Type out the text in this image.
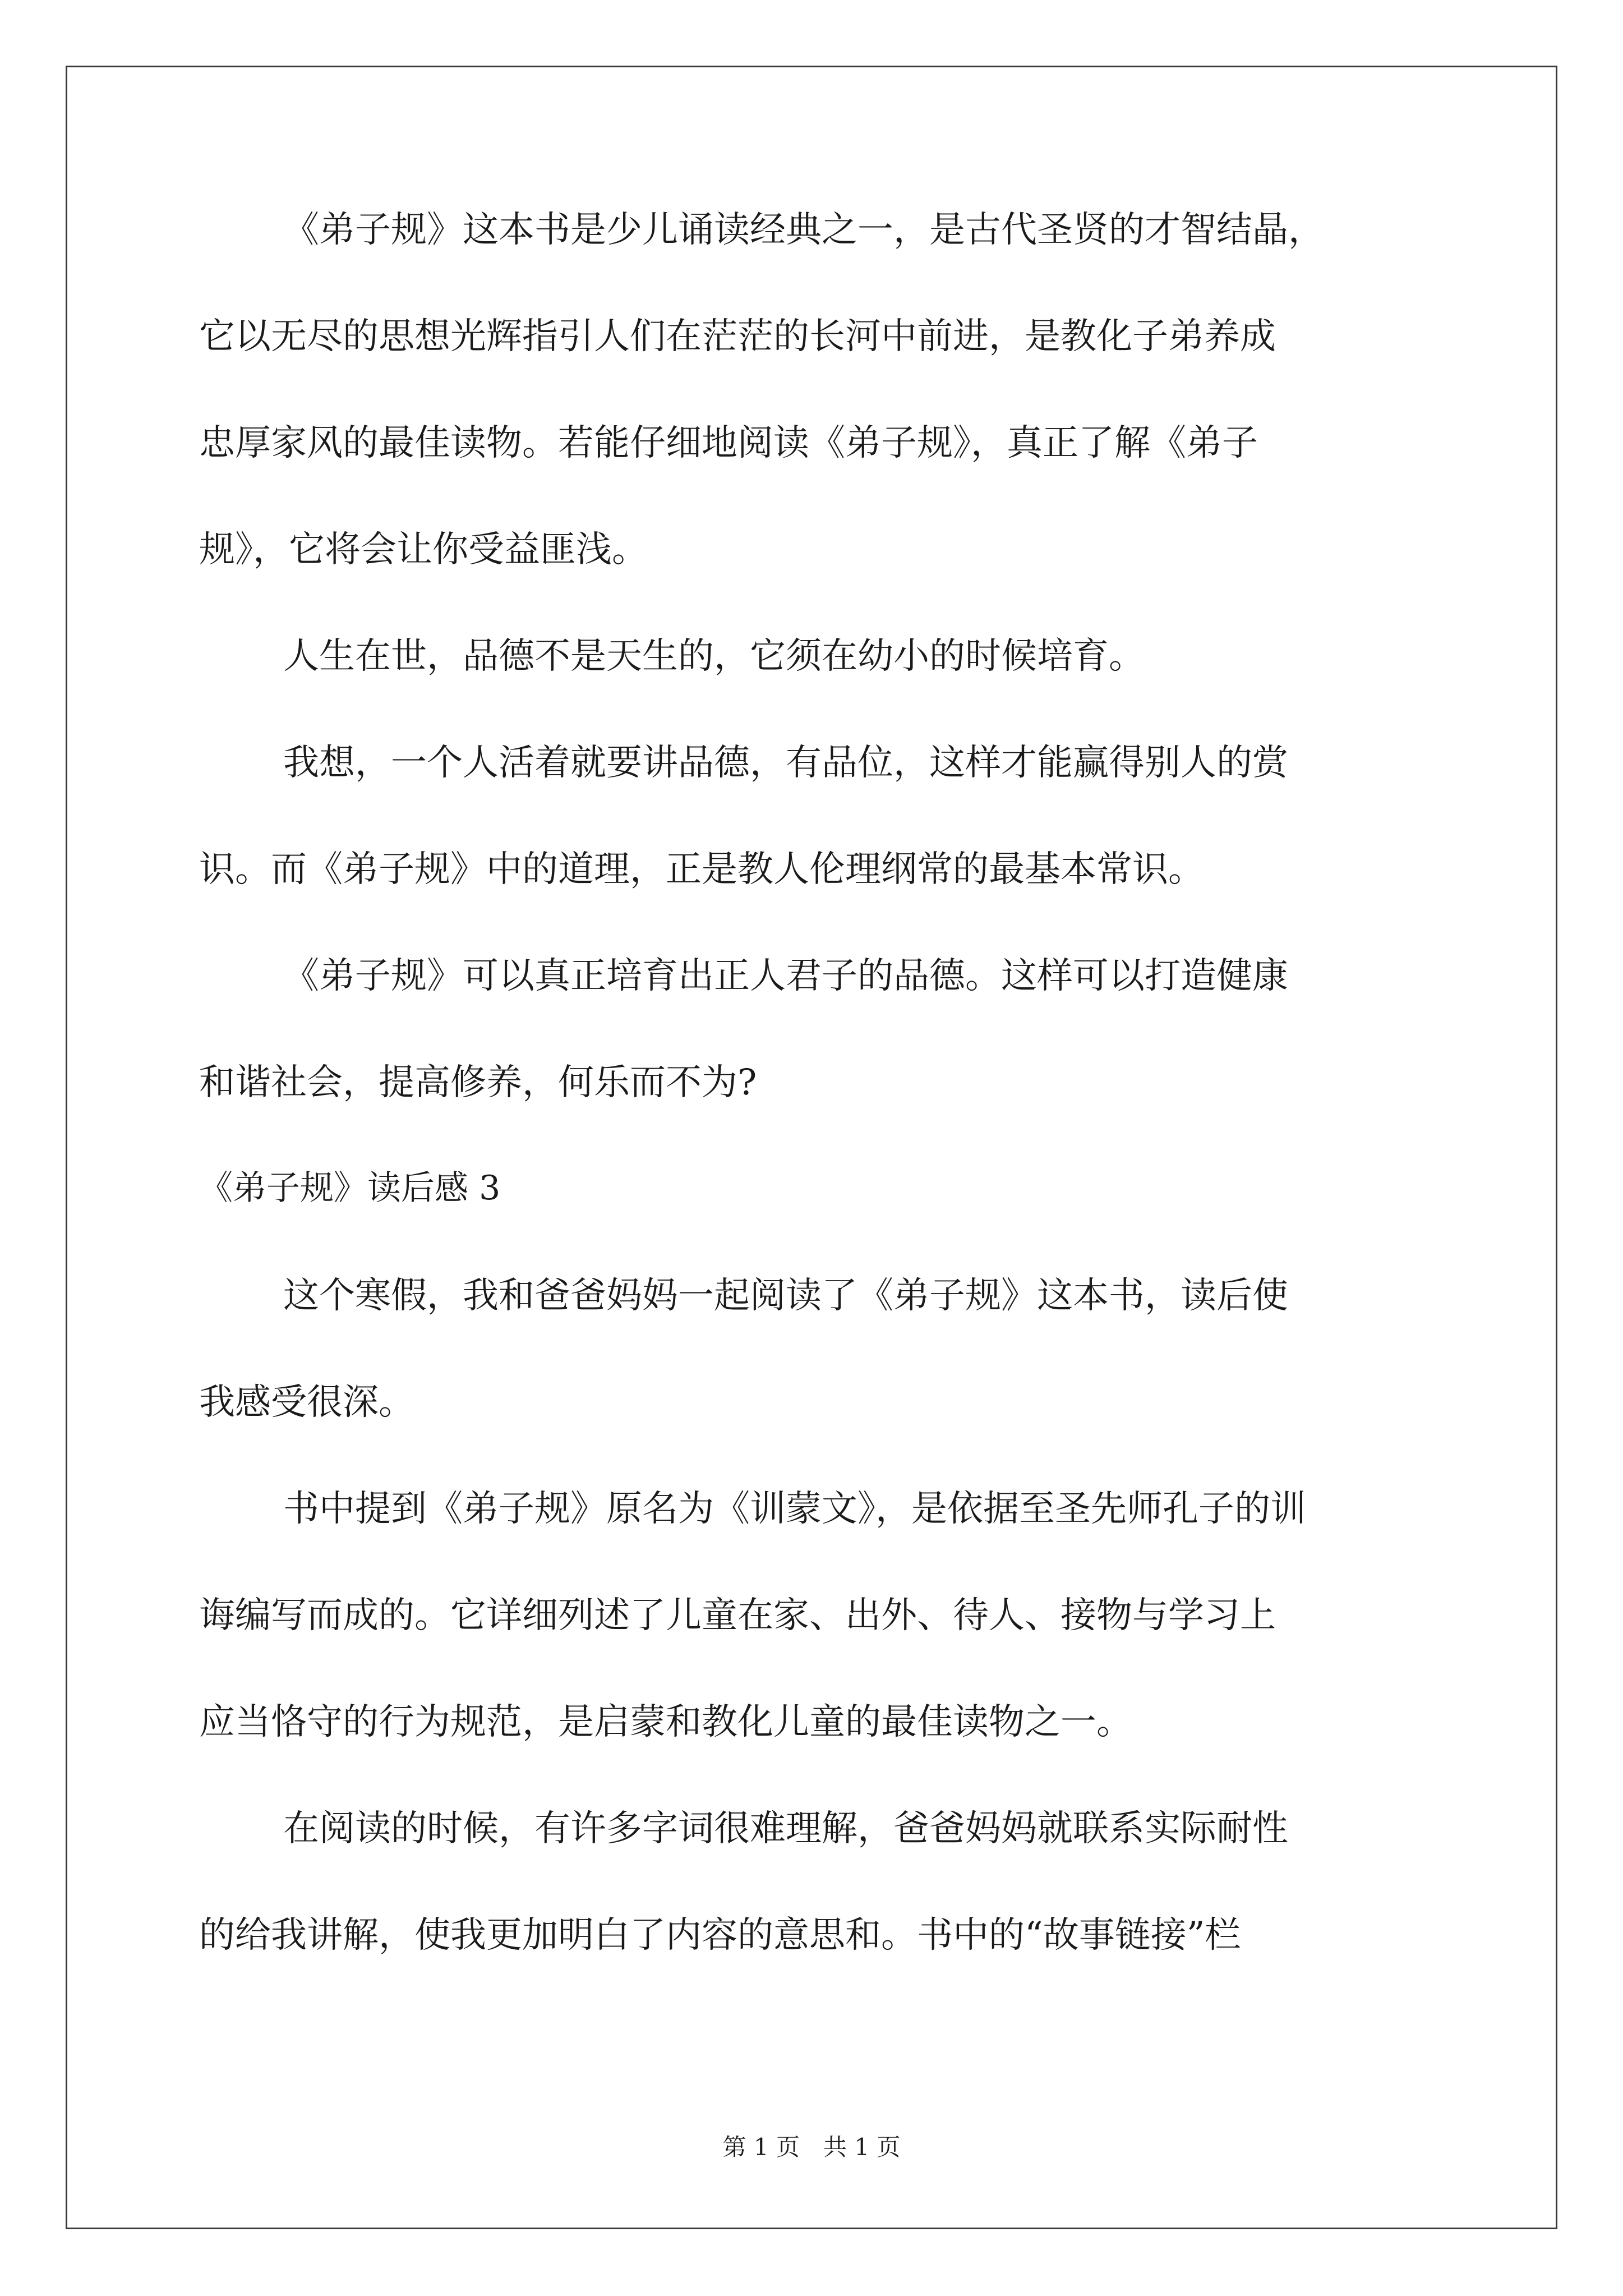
《弟子规》这本书是少儿诵读经典之一，是古代圣贤的才智结晶，
它以无尽的思想光辉指引人们在茫茫的长河中前进，是教化子弟养成
忠厚家风的最佳读物。若能仔细地阅读《弟子规》，真正了解《弟子
规》，它将会让你受益匪浅。
人生在世，品德不是天生的，它须在幼小的时候培育。
我想，一个人活着就要讲品德，有品位，这样才能赢得别人的赏
识。而《弟子规》中的道理，正是教人伦理纲常的最基本常识。
《弟子规》可以真正培育出正人君子的品德。这样可以打造健康
和谐社会，提高修养，何乐而不为?
《弟子规》读后感 3
这个寒假，我和爸爸妈妈一起阅读了《弟子规》这本书，读后使
我感受很深。
书中提到《弟子规》原名为《训蒙文》，是依据至圣先师孔子的训
诲编写而成的。它详细列述了儿童在家、出外、待人、接物与学习上
应当恪守的行为规范，是启蒙和教化儿童的最佳读物之一。
在阅读的时候，有许多字词很难理解，爸爸妈妈就联系实际耐性
的给我讲解，使我更加明白了内容的意思和。书中的“故事链接”栏
第 1 页　共 1 页
